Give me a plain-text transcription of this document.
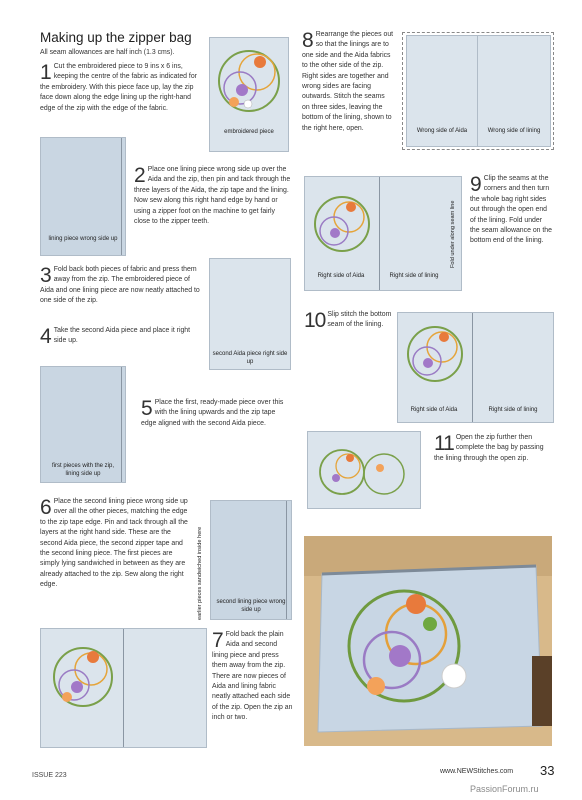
Making up the zipper bag

All seam allowances are half inch (1.3 cms).

1 Cut the embroidered piece to 9 ins x 6 ins, keeping the centre of the fabric as indicated for the embroidery. With this piece face up, lay the zip face down along the edge lining up the right-hand edge of the zip with the edge of the fabric.
embroidered piece
lining piece wrong side up
2 Place one lining piece wrong side up over the Aida and the zip, then pin and tack through the three layers of the Aida, the zip tape and the lining. Now sew along this right hand edge by hand or using a zipper foot on the machine to get fairly close to the zipper teeth.
3 Fold back both pieces of fabric and press them away from the zip. The embroidered piece of Aida and one lining piece are now neatly attached to one side of the zip.
4 Take the second Aida piece and place it right side up.
second Aida piece right side up
first pieces with the zip, lining side up
5 Place the first, ready-made piece over this with the lining upwards and the zip tape edge aligned with the second Aida piece.
6 Place the second lining piece wrong side up over all the other pieces, matching the edge to the zip tape edge. Pin and tack through all the layers at the right hand side. These are the second Aida piece, the second zipper tape and the second lining piece. The first pieces are simply lying sandwiched in between as they are already attached to the zip. Sew along the right edge.
second lining piece wrong side up
earlier pieces sandwiched inside here
7 Fold back the plain Aida and second lining piece and press them away from the zip. There are now pieces of Aida and lining fabric neatly attached each side of the zip. Open the zip an inch or two.
8 Rearrange the pieces out so that the linings are to one side and the Aida fabrics to the other side of the zip. Right sides are together and wrong sides are facing outwards. Stitch the seams on three sides, leaving the bottom of the lining, shown to the right here, open.	Wrong side of Aida	Wrong side of lining
Right side of Aida	Right side of lining
Fold under along seam line
9 Clip the seams at the corners and then turn the whole bag right sides out through the open end of the lining. Fold under the seam allowance on the bottom end of the lining.
10 Slip stitch the bottom seam of the lining.
Right side of Aida	Right side of lining
11 Open the zip further then complete the bag by passing the lining through the open zip.
ISSUE 223
www.NEWStitches.com 33
PassionForum.ru
